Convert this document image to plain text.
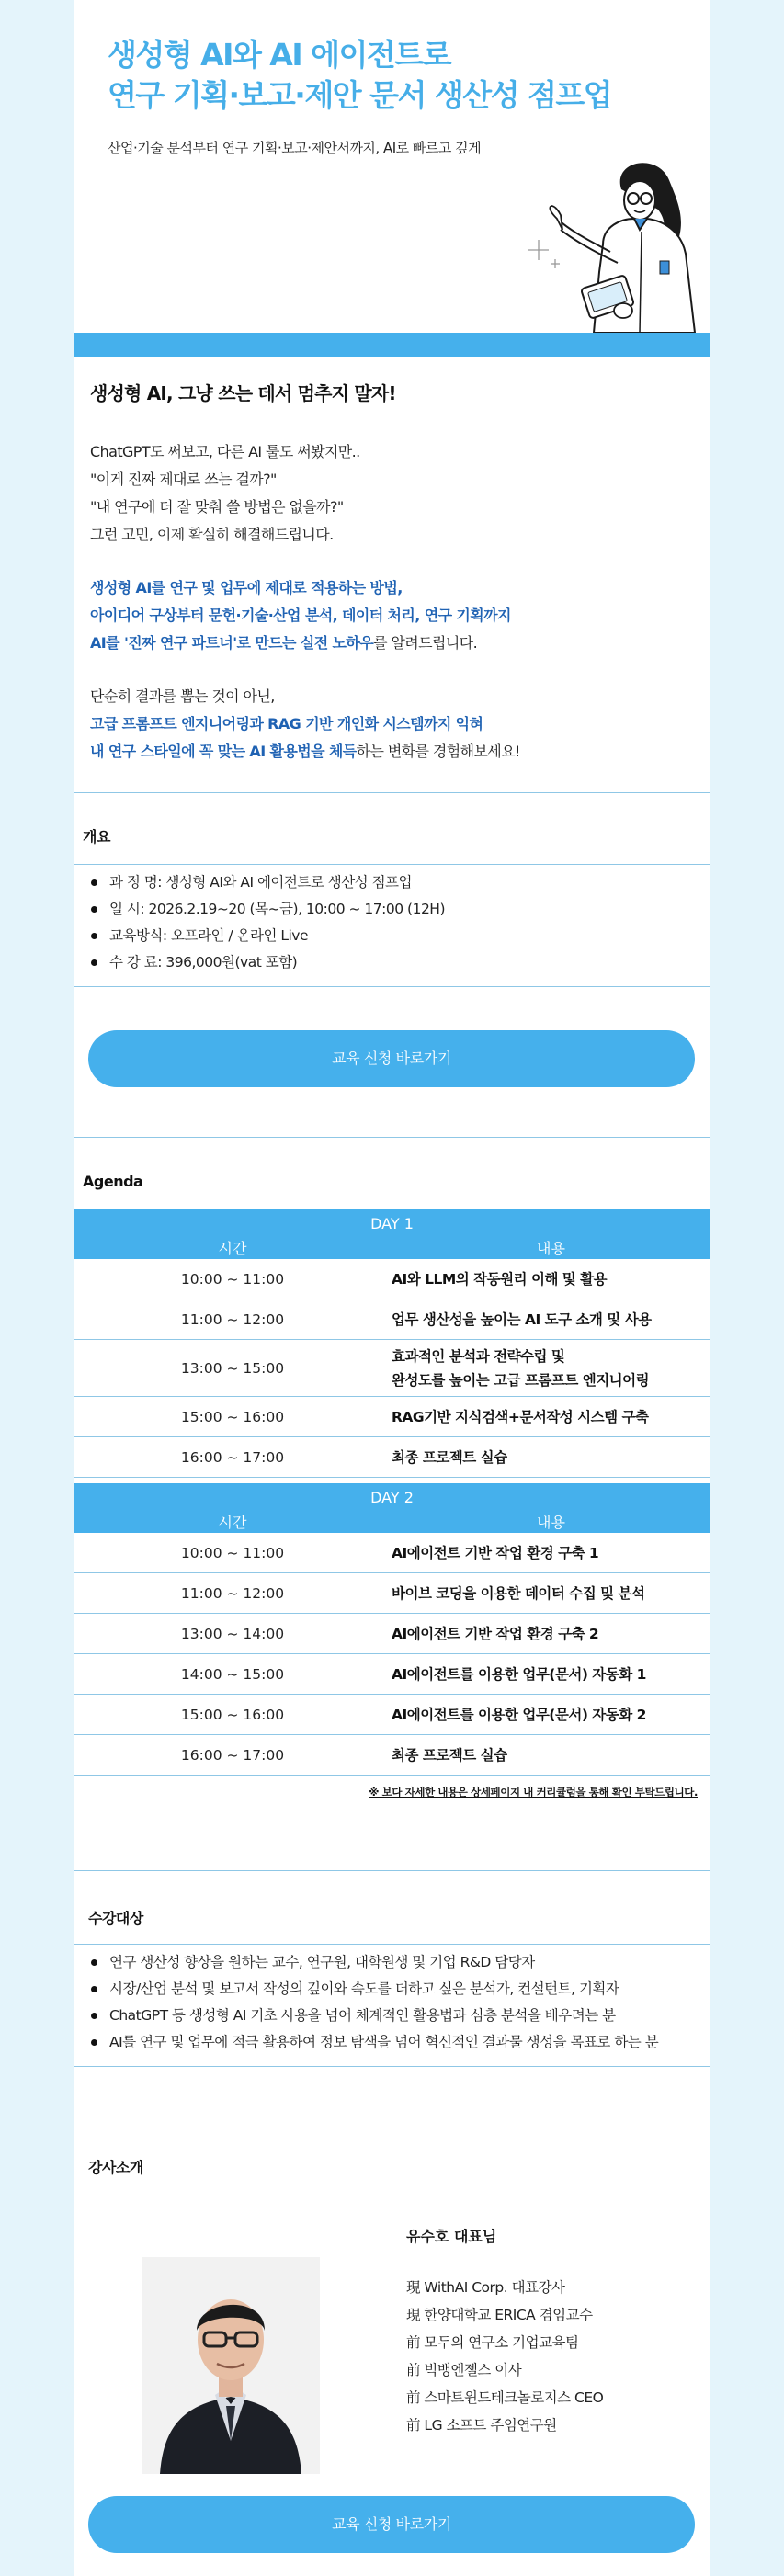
생성형 AI와 AI 에이전트로
연구 기획·보고·제안 문서 생산성 점프업
산업·기술 분석부터 연구 기획·보고·제안서까지, AI로 빠르고 깊게
생성형 AI, 그냥 쓰는 데서 멈추지 말자!

ChatGPT도 써보고, 다른 AI 툴도 써봤지만..
"이게 진짜 제대로 쓰는 걸까?"
"내 연구에 더 잘 맞춰 쓸 방법은 없을까?"
그런 고민, 이제 확실히 해결해드립니다.

생성형 AI를 연구 및 업무에 제대로 적용하는 방법,
아이디어 구상부터 문헌·기술·산업 분석, 데이터 처리, 연구 기획까지
AI를 '진짜 연구 파트너'로 만드는 실전 노하우를 알려드립니다.

단순히 결과를 뽑는 것이 아닌,
고급 프롬프트 엔지니어링과 RAG 기반 개인화 시스템까지 익혀
내 연구 스타일에 꼭 맞는 AI 활용법을 체득하는 변화를 경험해보세요!

개요
과 정 명: 생성형 AI와 AI 에이전트로 생산성 점프업
일 시: 2026.2.19~20 (목~금), 10:00 ~ 17:00 (12H)
교육방식: 오프라인 / 온라인 Live
수 강 료: 396,000원(vat 포함)
교육 신청 바로가기
Agenda
DAY 1
시간	내용
10:00 ~ 11:00	AI와 LLM의 작동원리 이해 및 활용
11:00 ~ 12:00	업무 생산성을 높이는 AI 도구 소개 및 사용
13:00 ~ 15:00
효과적인 분석과 전략수립 및
완성도를 높이는 고급 프롬프트 엔지니어링
15:00 ~ 16:00	RAG기반 지식검색+문서작성 시스템 구축
16:00 ~ 17:00	최종 프로젝트 실습
DAY 2
시간	내용
10:00 ~ 11:00	AI에이전트 기반 작업 환경 구축 1
11:00 ~ 12:00	바이브 코딩을 이용한 데이터 수집 및 분석
13:00 ~ 14:00	AI에이전트 기반 작업 환경 구축 2
14:00 ~ 15:00	AI에이전트를 이용한 업무(문서) 자동화 1
15:00 ~ 16:00	AI에이전트를 이용한 업무(문서) 자동화 2
16:00 ~ 17:00	최종 프로젝트 실습
※ 보다 자세한 내용은 상세페이지 내 커리큘럼을 통해 확인 부탁드립니다.
수강대상
연구 생산성 향상을 원하는 교수, 연구원, 대학원생 및 기업 R&D 담당자
시장/산업 분석 및 보고서 작성의 깊이와 속도를 더하고 싶은 분석가, 컨설턴트, 기획자
ChatGPT 등 생성형 AI 기초 사용을 넘어 체계적인 활용법과 심층 분석을 배우려는 분
AI를 연구 및 업무에 적극 활용하여 정보 탐색을 넘어 혁신적인 결과물 생성을 목표로 하는 분
강사소개
유수호 대표님
現 WithAI Corp. 대표강사
現 한양대학교 ERICA 겸임교수
前 모두의 연구소 기업교육팀
前 빅뱅엔젤스 이사
前 스마트윈드테크놀로지스 CEO
前 LG 소프트 주임연구원
교육 신청 바로가기
